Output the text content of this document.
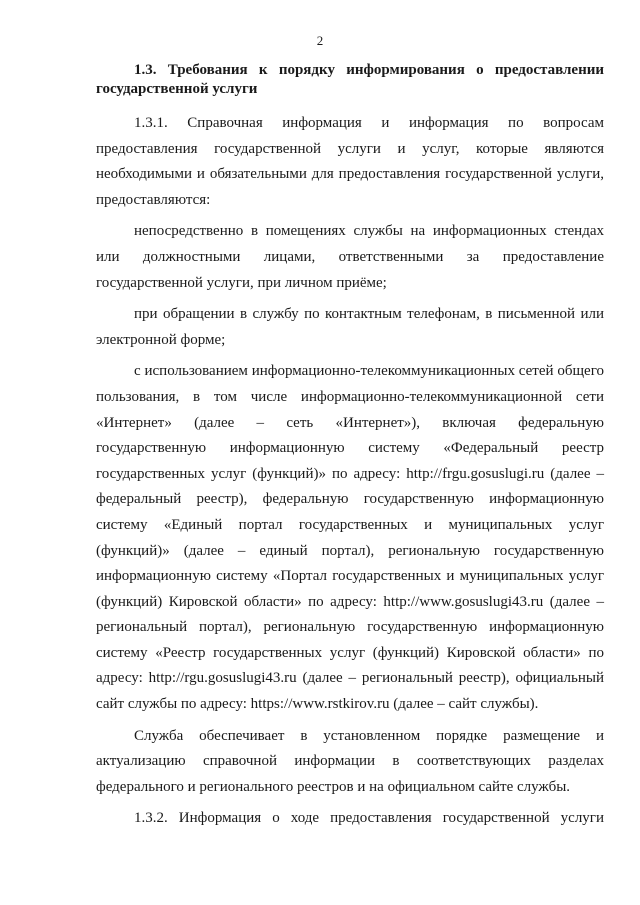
2
1.3. Требования к порядку информирования о предоставлении государственной услуги

1.3.1. Справочная информация и информация по вопросам предоставления государственной услуги и услуг, которые являются необходимыми и обязательными для предоставления государственной услуги, предоставляются:

непосредственно в помещениях службы на информационных стендах или должностными лицами, ответственными за предоставление государственной услуги, при личном приёме;

при обращении в службу по контактным телефонам, в письменной или электронной форме;

с использованием информационно-телекоммуникационных сетей общего пользования, в том числе информационно-телекоммуникационной сети «Интернет» (далее – сеть «Интернет»), включая федеральную государственную информационную систему «Федеральный реестр государственных услуг (функций)» по адресу: http://frgu.gosuslugi.ru (далее – федеральный реестр), федеральную государственную информационную систему «Единый портал государственных и муниципальных услуг (функций)» (далее – единый портал), региональную государственную информационную систему «Портал государственных и муниципальных услуг (функций) Кировской области» по адресу: http://www.gosuslugi43.ru (далее – региональный портал), региональную государственную информационную систему «Реестр государственных услуг (функций) Кировской области» по адресу: http://rgu.gosuslugi43.ru (далее – региональный реестр), официальный сайт службы по адресу: https://www.rstkirov.ru (далее – сайт службы).

Служба обеспечивает в установленном порядке размещение и актуализацию справочной информации в соответствующих разделах федерального и регионального реестров и на официальном сайте службы.

1.3.2. Информация о ходе предоставления государственной услуги
